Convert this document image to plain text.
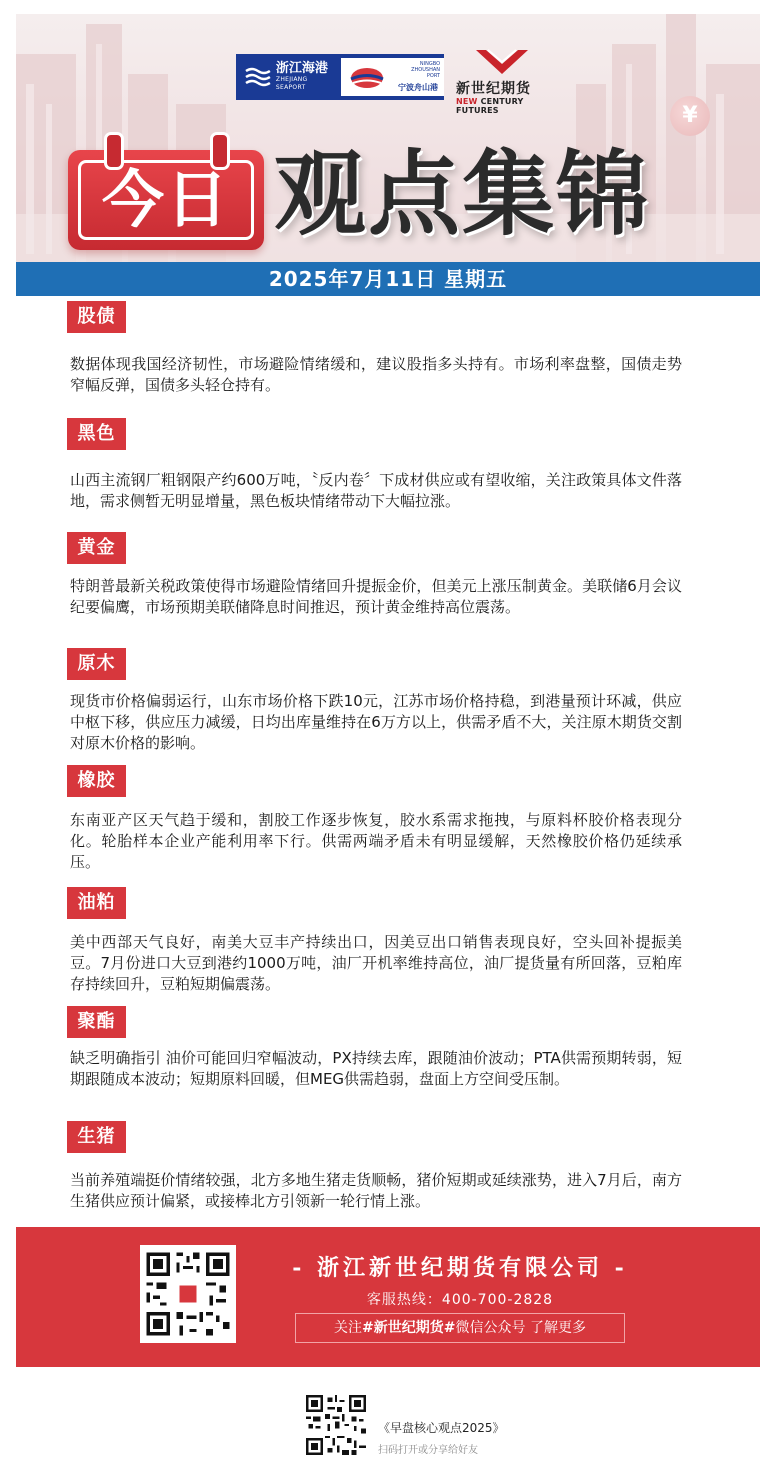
浙江海港
ZHEJIANG SEAPORT
NINGBO ZHOUSHAN PORT
宁波舟山港 新世纪期货
NEW CENTURY FUTURES	¥
今日 观点集锦
2025年7月11日 星期五
股债
数据体现我国经济韧性，市场避险情绪缓和，建议股指多头持有。市场利率盘整，国债走势窄幅反弹，国债多头轻仓持有。
黑色
山西主流钢厂粗钢限产约600万吨，〝反内卷〞下成材供应或有望收缩，关注政策具体文件落地，需求侧暂无明显增量，黑色板块情绪带动下大幅拉涨。
黄金
特朗普最新关税政策使得市场避险情绪回升提振金价，但美元上涨压制黄金。美联储6月会议纪要偏鹰，市场预期美联储降息时间推迟，预计黄金维持高位震荡。
原木
现货市价格偏弱运行，山东市场价格下跌10元，江苏市场价格持稳，到港量预计环减，供应中枢下移，供应压力减缓，日均出库量维持在6万方以上，供需矛盾不大，关注原木期货交割对原木价格的影响。
橡胶
东南亚产区天气趋于缓和，割胶工作逐步恢复，胶水系需求拖拽，与原料杯胶价格表现分化。轮胎样本企业产能利用率下行。供需两端矛盾未有明显缓解，天然橡胶价格仍延续承压。
油粕
美中西部天气良好，南美大豆丰产持续出口，因美豆出口销售表现良好，空头回补提振美豆。7月份进口大豆到港约1000万吨，油厂开机率维持高位，油厂提货量有所回落，豆粕库存持续回升，豆粕短期偏震荡。
聚酯
缺乏明确指引 油价可能回归窄幅波动，PX持续去库，跟随油价波动；PTA供需预期转弱，短期跟随成本波动；短期原料回暖，但MEG供需趋弱，盘面上方空间受压制。
生猪
当前养殖端挺价情绪较强，北方多地生猪走货顺畅，猪价短期或延续涨势，进入7月后，南方生猪供应预计偏紧，或接棒北方引领新一轮行情上涨。
- 浙江新世纪期货有限公司 -
客服热线：400-700-2828
关注#新世纪期货#微信公众号 了解更多
《早盘核心观点2025》
扫码打开或分享给好友
